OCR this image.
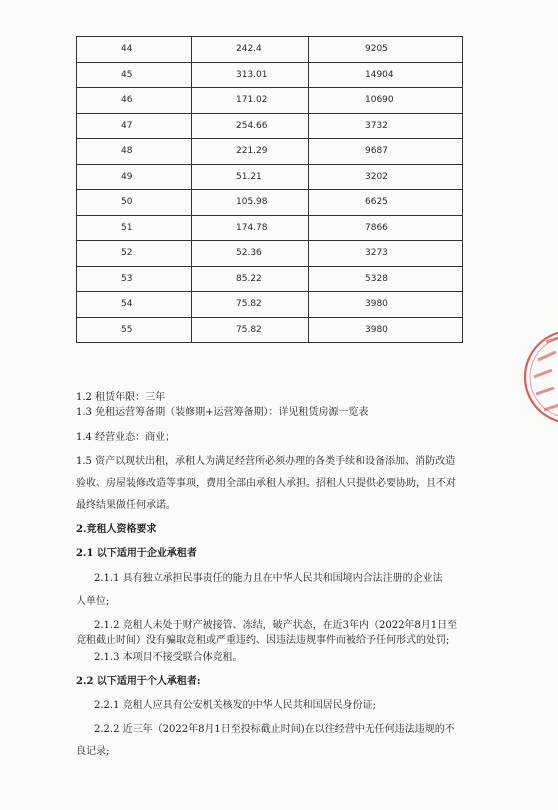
44	242.4	9205
45	313.01	14904
46	171.02	10690
47	254.66	3732
48	221.29	9687
49	51.21	3202
50	105.98	6625
51	174.78	7866
52	52.36	3273
53	85.22	5328
54	75.82	3980
55	75.82	3980
1.2 租赁年限：三年
1.3 免租运营筹备期（装修期+运营筹备期）：详见租赁房源一览表
1.4 经营业态：商业；
1.5 资产以现状出租，承租人为满足经营所必须办理的各类手续和设备添加、消防改造
验收、房屋装修改造等事项，费用全部由承租人承担。招租人只提供必要协助，且不对
最终结果做任何承诺。
2.竞租人资格要求
2.1 以下适用于企业承租者
2.1.1 具有独立承担民事责任的能力且在中华人民共和国境内合法注册的企业法
人单位;
2.1.2 竞租人未处于财产被接管、冻结，破产状态，在近3年内（2022年8月1日至
竞租截止时间）没有骗取竞租或严重违约、因违法违规事件而被给予任何形式的处罚;
2.1.3 本项目不接受联合体竞租。
2.2 以下适用于个人承租者:
2.2.1 竞租人应具有公安机关核发的中华人民共和国居民身份证;
2.2.2 近三年（2022年8月1日至投标截止时间)在以往经营中无任何违法违规的不
良记录;
